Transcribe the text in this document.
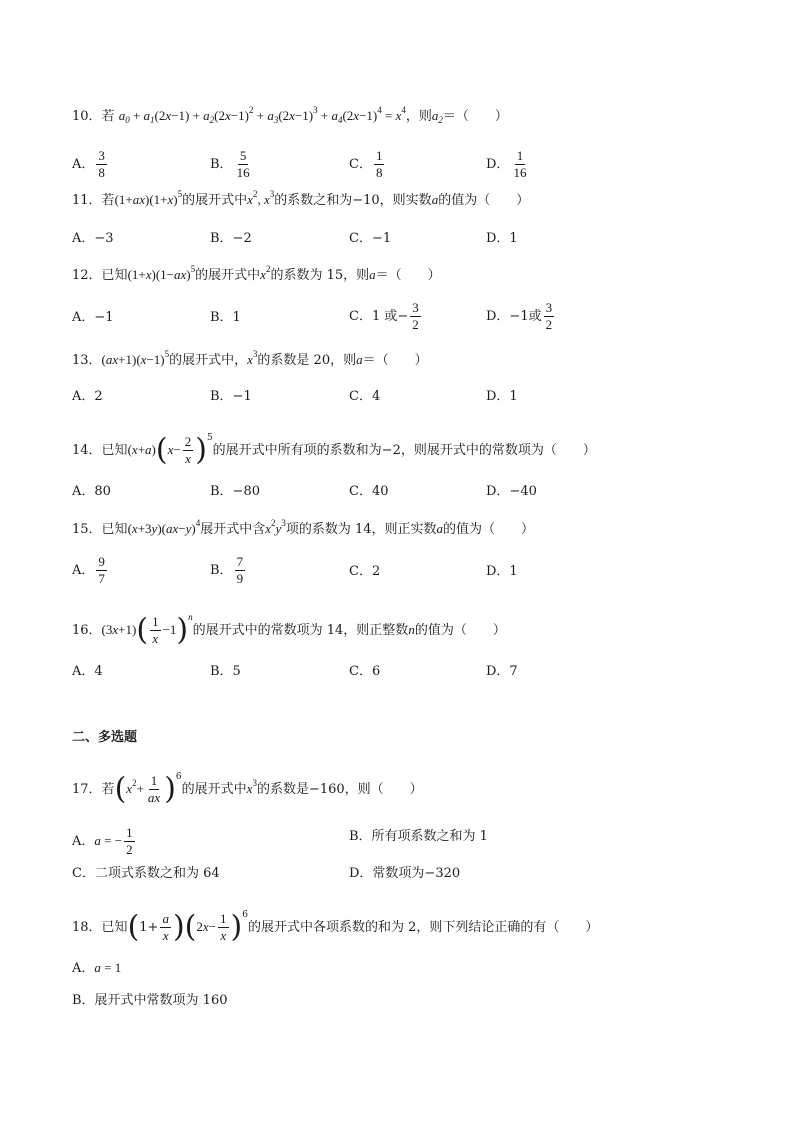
10．若 $a_0 + a_1(2x-1) + a_2(2x-1)^2 + a_3(2x-1)^3 + a_4(2x-1)^4 = x^4$，则$a_2=$（　　）
A． $\frac{3}{8}$	B． $\frac{5}{16}$	C． $\frac{1}{8}$	D． $\frac{1}{16}$
11．若$(1+ax)(1+x)^5$的展开式中$x^2$, $x^3$的系数之和为−10，则实数a的值为（　　）
A．−3	B．−2	C．−1	D．1
12．已知$(1+x)(1-ax)^5$的展开式中$x^2$的系数为 15，则a＝（　　）
A．−1	B．1	C．1 或− $\frac{3}{2}$	D．−1或 $\frac{3}{2}$
13．$(ax+1)(x-1)^5$的展开式中，$x^3$的系数是 20，则a＝（　　）
A．2	B．−1	C．4	D．1
14．已知$(x+a)(x- \frac{2}{x} )^5$的展开式中所有项的系数和为−2，则展开式中的常数项为（　　）
A．80	B．−80	C．40	D．−40
15．已知$(x+3y)(ax-y)^4$展开式中含$x^2y^3$项的系数为 14，则正实数a的值为（　　）
A． $\frac{9}{7}$	B． $\frac{7}{9}$	C．2	D．1
16．$(3x+1)( \frac{1}{x} -1)^n$的展开式中的常数项为 14，则正整数n的值为（　　）
A．4	B．5	C．6	D．7
二、多选题
17．若$(x^2+ \frac{1}{ax} )^6$的展开式中$x^3$的系数是−160，则（　　）
A．a = − $\frac{1}{2}$	B．所有项系数之和为 1
C．二项式系数之和为 64	D．常数项为−320
18．已知$(1+ \frac{a}{x} )(2x- \frac{1}{x} )^6$的展开式中各项系数的和为 2，则下列结论正确的有（　　）
A．a = 1
B．展开式中常数项为 160
